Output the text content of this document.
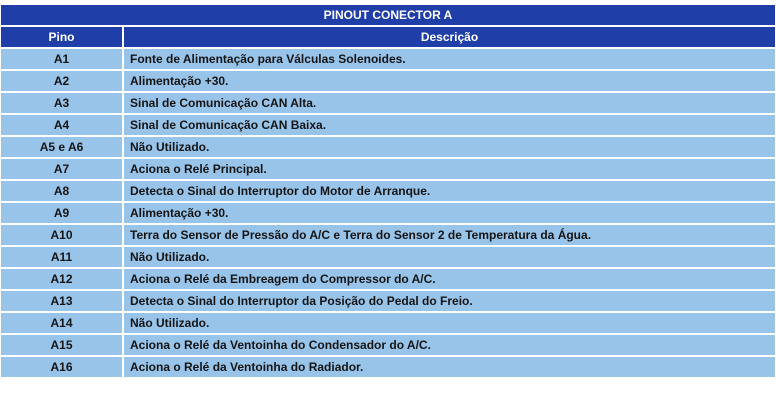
PINOUT CONECTOR A	
Pino	Descrição
A1	Fonte de Alimentação para Válculas Solenoides.
A2	Alimentação +30.
A3	Sinal de Comunicação CAN Alta.
A4	Sinal de Comunicação CAN Baixa.
A5 e A6	Não Utilizado.
A7	Aciona o Relé Principal.
A8	Detecta o Sinal do Interruptor do Motor de Arranque.
A9	Alimentação +30.
A10	Terra do Sensor de Pressão do A/C e Terra do Sensor 2 de Temperatura da Água.
A11	Não Utilizado.
A12	Aciona o Relé da Embreagem do Compressor do A/C.
A13	Detecta o Sinal do Interruptor da Posição do Pedal do Freio.
A14	Não Utilizado.
A15	Aciona o Relé da Ventoinha do Condensador do A/C.
A16	Aciona o Relé da Ventoinha do Radiador.
